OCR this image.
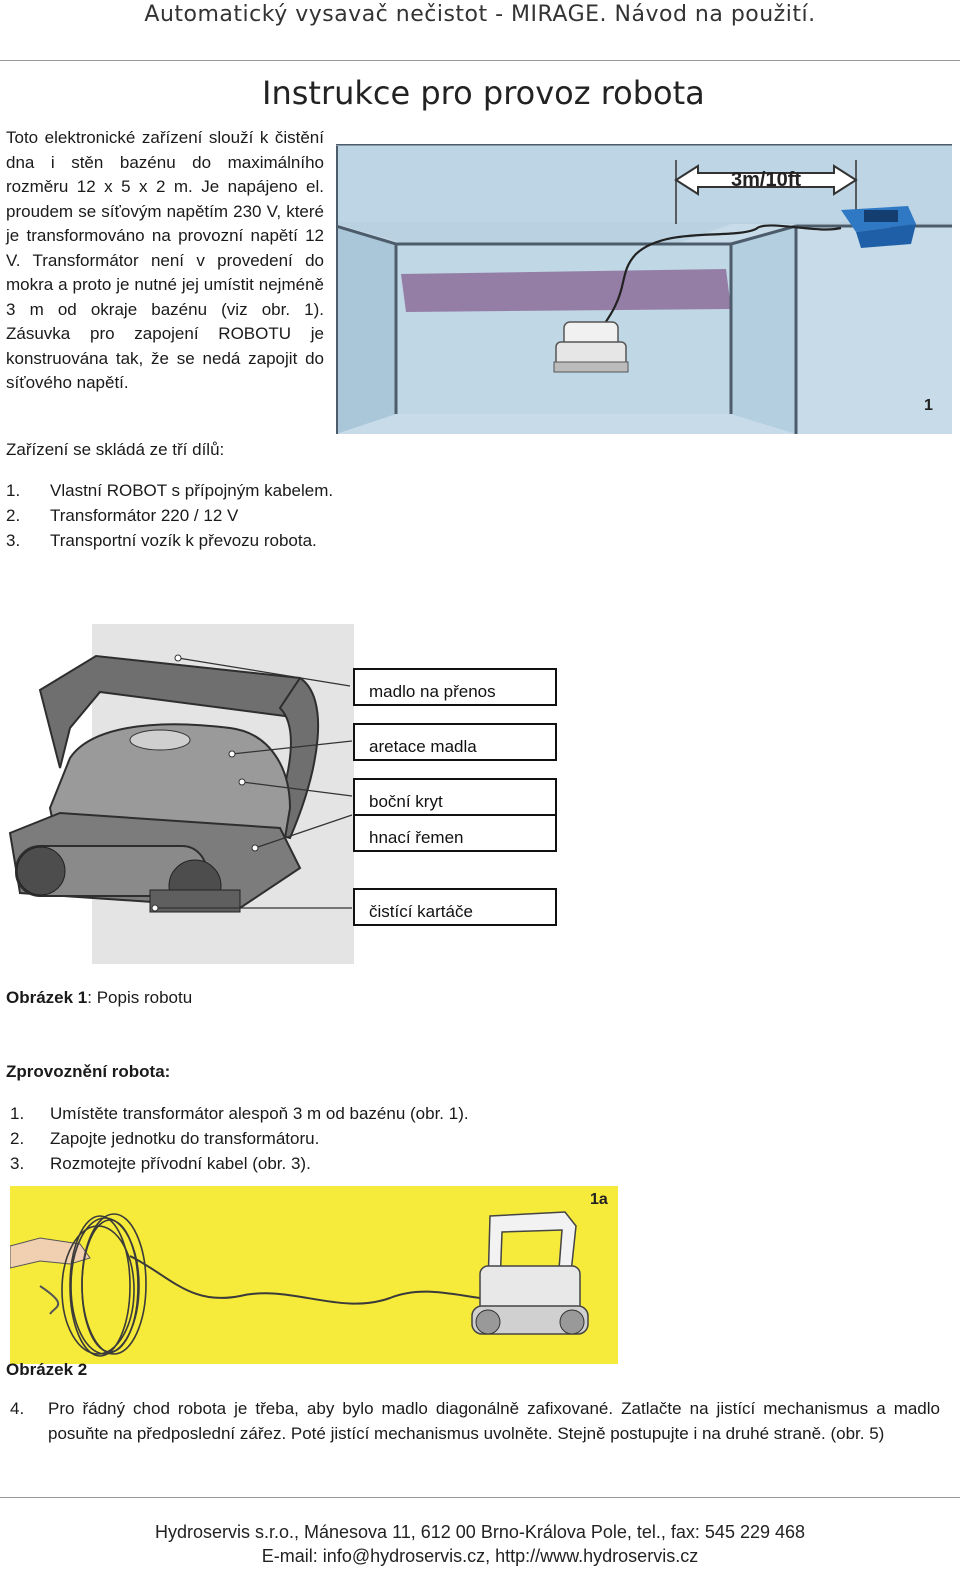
Automatický vysavač nečistot - MIRAGE. Návod na použití.
Instrukce pro provoz robota
Toto elektronické zařízení slouží k čistění dna i stěn bazénu do maximálního rozměru 12 x 5 x 2 m. Je napájeno el. proudem se síťovým napětím 230 V, které je transformováno na provozní napětí 12 V. Transformátor není v provedení do mokra a proto je nutné jej umístit nejméně 3 m od okraje bazénu (viz obr. 1). Zásuvka pro zapojení ROBOTU je konstruována tak, že se nedá zapojit do síťového napětí.
3m/10ft
1
Zařízení se skládá ze tří dílů:
1.	Vlastní ROBOT s přípojným kabelem.
2.	Transformátor 220 / 12 V
3.	Transportní vozík k převozu robota.
madlo na přenos
aretace madla
boční kryt
hnací řemen
čistící kartáče
Obrázek 1: Popis robotu
Zprovoznění robota:
1.	Umístěte transformátor alespoň 3 m od bazénu (obr. 1).
2.	Zapojte jednotku do transformátoru.
3.	Rozmotejte přívodní kabel (obr. 3).
1a
Obrázek 2
4.	Pro řádný chod robota je třeba, aby bylo madlo diagonálně zafixované. Zatlačte na jistící mechanismus a madlo posuňte na předposlední zářez. Poté jistící mechanismus uvolněte. Stejně postupujte i na druhé straně. (obr. 5)
Hydroservis s.r.o., Mánesova 11, 612 00 Brno-Králova Pole, tel., fax: 545 229 468
E-mail: info@hydroservis.cz, http://www.hydroservis.cz
